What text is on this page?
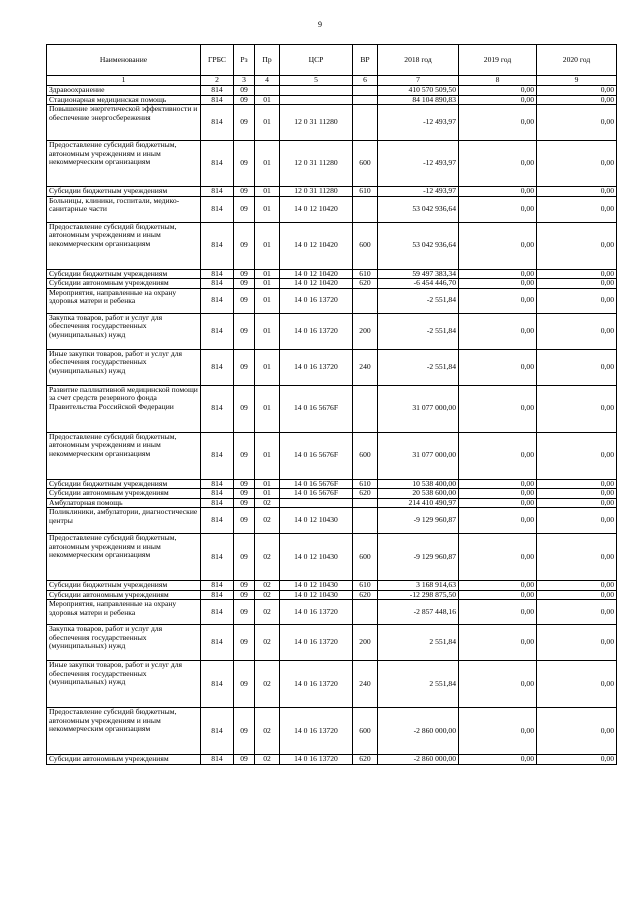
9
Наименование	ГРБС	Рз	Пр	ЦСР	ВР	2018 год	2019 год	2020 год
1	2	3	4	5	6	7	8	9
Здравоохранение	814	09				410 570 509,50	0,00	0,00
Стационарная медицинская помощь	814	09	01			84 104 890,83	0,00	0,00
Повышение энергетической эффективности и обеспечение энергосбережения	814	09	01	12 0 31 11280		-12 493,97	0,00	0,00
Предоставление субсидий бюджетным, автономным учреждениям и иным некоммерческим организациям	814	09	01	12 0 31 11280	600	-12 493,97	0,00	0,00
Субсидии бюджетным учреждениям	814	09	01	12 0 31 11280	610	-12 493,97	0,00	0,00
Больницы, клиники, госпитали, медико-санитарные части	814	09	01	14 0 12 10420		53 042 936,64	0,00	0,00
Предоставление субсидий бюджетным, автономным учреждениям и иным некоммерческим организациям	814	09	01	14 0 12 10420	600	53 042 936,64	0,00	0,00
Субсидии бюджетным учреждениям	814	09	01	14 0 12 10420	610	59 497 383,34	0,00	0,00
Субсидии автономным учреждениям	814	09	01	14 0 12 10420	620	-6 454 446,70	0,00	0,00
Мероприятия, направленные на охрану здоровья матери и ребенка	814	09	01	14 0 16 13720		-2 551,84	0,00	0,00
Закупка товаров, работ и услуг для обеспечения государственных (муниципальных) нужд	814	09	01	14 0 16 13720	200	-2 551,84	0,00	0,00
Иные закупки товаров, работ и услуг для обеспечения государственных (муниципальных) нужд	814	09	01	14 0 16 13720	240	-2 551,84	0,00	0,00
Развитие паллиативной медицинской помощи за счет средств резервного фонда Правительства Российской Федерации	814	09	01	14 0 16 5676F		31 077 000,00	0,00	0,00
Предоставление субсидий бюджетным, автономным учреждениям и иным некоммерческим организациям	814	09	01	14 0 16 5676F	600	31 077 000,00	0,00	0,00
Субсидии бюджетным учреждениям	814	09	01	14 0 16 5676F	610	10 538 400,00	0,00	0,00
Субсидии автономным учреждениям	814	09	01	14 0 16 5676F	620	20 538 600,00	0,00	0,00
Амбулаторная помощь	814	09	02			214 410 490,97	0,00	0,00
Поликлиники, амбулатории, диагностические центры	814	09	02	14 0 12 10430		-9 129 960,87	0,00	0,00
Предоставление субсидий бюджетным, автономным учреждениям и иным некоммерческим организациям	814	09	02	14 0 12 10430	600	-9 129 960,87	0,00	0,00
Субсидии бюджетным учреждениям	814	09	02	14 0 12 10430	610	3 168 914,63	0,00	0,00
Субсидии автономным учреждениям	814	09	02	14 0 12 10430	620	-12 298 875,50	0,00	0,00
Мероприятия, направленные на охрану здоровья матери и ребенка	814	09	02	14 0 16 13720		-2 857 448,16	0,00	0,00
Закупка товаров, работ и услуг для обеспечения государственных (муниципальных) нужд	814	09	02	14 0 16 13720	200	2 551,84	0,00	0,00
Иные закупки товаров, работ и услуг для обеспечения государственных (муниципальных) нужд	814	09	02	14 0 16 13720	240	2 551,84	0,00	0,00
Предоставление субсидий бюджетным, автономным учреждениям и иным некоммерческим организациям	814	09	02	14 0 16 13720	600	-2 860 000,00	0,00	0,00
Субсидии автономным учреждениям	814	09	02	14 0 16 13720	620	-2 860 000,00	0,00	0,00
